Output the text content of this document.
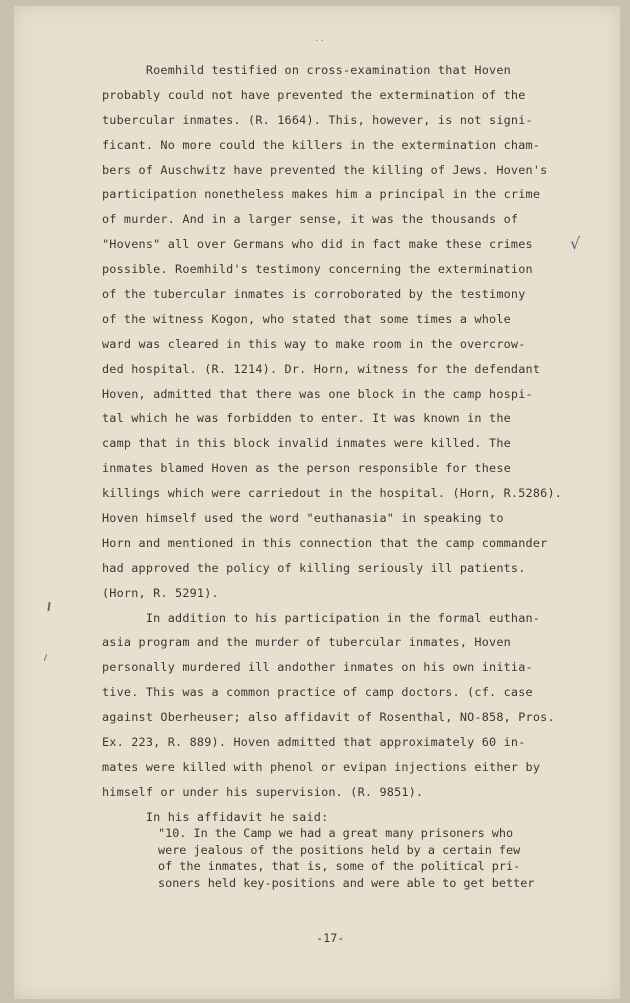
..
Roemhild testified on cross-examination that Hoven
probably could not have prevented the extermination of the
tubercular inmates. (R. 1664). This, however, is not signi-
ficant. No more could the killers in the extermination cham-
bers of Auschwitz have prevented the killing of Jews. Hoven's
participation nonetheless makes him a principal in the crime
of murder. And in a larger sense, it was the thousands of
"Hovens" all over Germans who did in fact make these crimes
possible. Roemhild's testimony concerning the extermination
of the tubercular inmates is corroborated by the testimony
of the witness Kogon, who stated that some times a whole
ward was cleared in this way to make room in the overcrow-
ded hospital. (R. 1214). Dr. Horn, witness for the defendant
Hoven, admitted that there was one block in the camp hospi-
tal which he was forbidden to enter. It was known in the
camp that in this block invalid inmates were killed. The
inmates blamed Hoven as the person responsible for these
killings which were carriedout in the hospital. (Horn, R.5286).
Hoven himself used the word "euthanasia" in speaking to
Horn and mentioned in this connection that the camp commander
had approved the policy of killing seriously ill patients.
(Horn, R. 5291).
In addition to his participation in the formal euthan-
asia program and the murder of tubercular inmates, Hoven
personally murdered ill andother inmates on his own initia-
tive. This was a common practice of camp doctors. (cf. case
against Oberheuser; also affidavit of Rosenthal, NO-858, Pros.
Ex. 223, R. 889). Hoven admitted that approximately 60 in-
mates were killed with phenol or evipan injections either by
himself or under his supervision. (R. 9851).
In his affidavit he said:
√
"10. In the Camp we had a great many prisoners who
were jealous of the positions held by a certain few
of the inmates, that is, some of the political pri-
soners held key-positions and were able to get better
-17-
